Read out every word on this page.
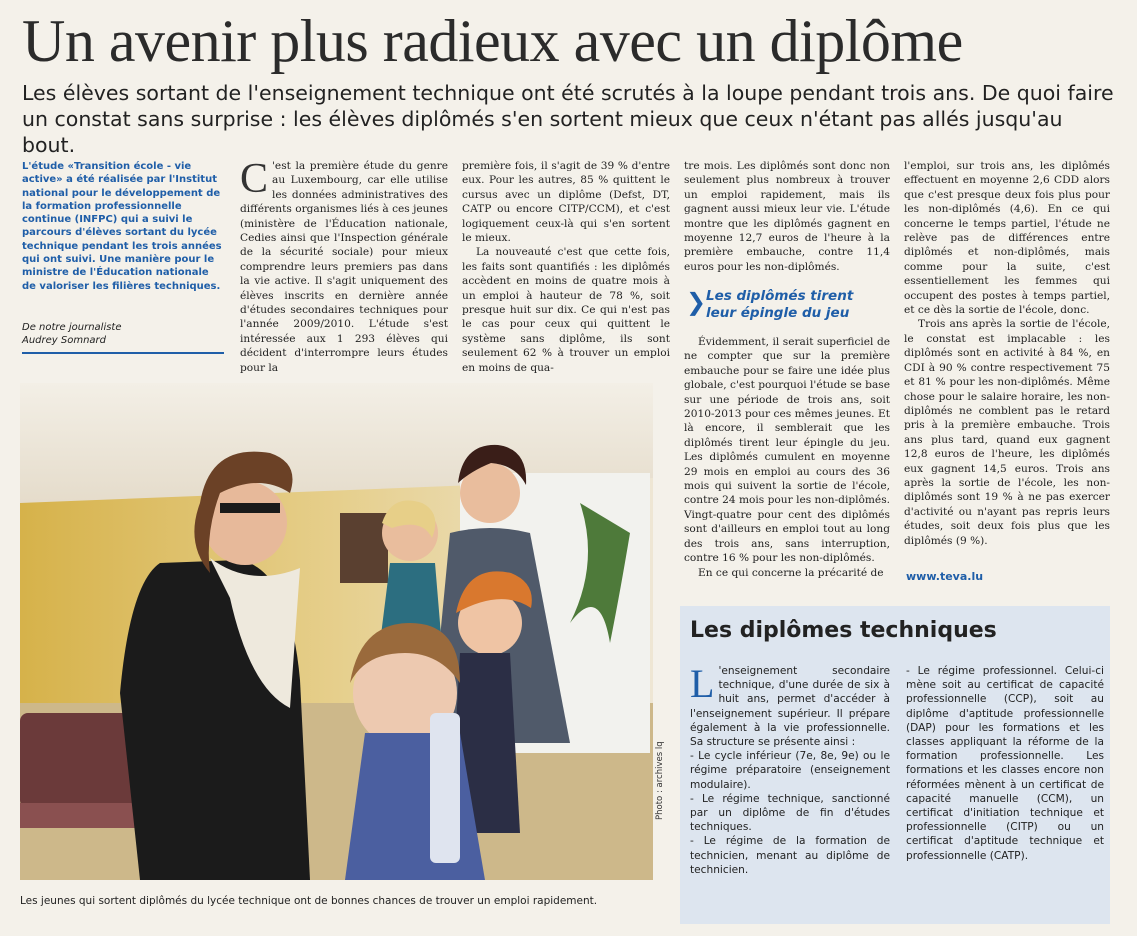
Un avenir plus radieux avec un diplôme
Les élèves sortant de l'enseignement technique ont été scrutés à la loupe pendant trois ans. De quoi faire un constat sans surprise : les élèves diplômés s'en sortent mieux que ceux n'étant pas allés jusqu'au bout.
L'étude «Transition école - vie active» a été réalisée par l'Institut national pour le développement de la formation professionnelle continue (INFPC) qui a suivi le parcours d'élèves sortant du lycée technique pendant les trois années qui ont suivi. Une manière pour le ministre de l'Éducation nationale de valoriser les filières techniques.
De notre journaliste
Audrey Somnard

C 'est la première étude du genre au Luxembourg, car elle utilise les données administratives des différents organismes liés à ces jeunes (ministère de l'Éducation nationale, Cedies ainsi que l'Inspection générale de la sécurité sociale) pour mieux comprendre leurs premiers pas dans la vie active. Il s'agit uniquement des élèves inscrits en dernière année d'études secondaires techniques pour l'année 2009/2010. L'étude s'est intéressée aux 1 293 élèves qui décident d'interrompre leurs études pour la

première fois, il s'agit de 39 % d'entre eux. Pour les autres, 85 % quittent le cursus avec un diplôme (Defst, DT, CATP ou encore CITP/CCM), et c'est logiquement ceux-là qui s'en sortent le mieux.

La nouveauté c'est que cette fois, les faits sont quantifiés : les diplômés accèdent en moins de quatre mois à un emploi à hauteur de 78 %, soit presque huit sur dix. Ce qui n'est pas le cas pour ceux qui quittent le système sans diplôme, ils sont seulement 62 % à trouver un emploi en moins de qua-

tre mois. Les diplômés sont donc non seulement plus nombreux à trouver un emploi rapidement, mais ils gagnent aussi mieux leur vie. L'étude montre que les diplômés gagnent en moyenne 12,7 euros de l'heure à la première embauche, contre 11,4 euros pour les non-diplômés.

❯ Les diplômés tirent
leur épingle du jeu

Évidemment, il serait superficiel de ne compter que sur la première embauche pour se faire une idée plus globale, c'est pourquoi l'étude se base sur une période de trois ans, soit 2010-2013 pour ces mêmes jeunes. Et là encore, il semblerait que les diplômés tirent leur épingle du jeu. Les diplômés cumulent en moyenne 29 mois en emploi au cours des 36 mois qui suivent la sortie de l'école, contre 24 mois pour les non-diplômés. Vingt-quatre pour cent des diplômés sont d'ailleurs en emploi tout au long des trois ans, sans interruption, contre 16 % pour les non-diplômés.

En ce qui concerne la précarité de

l'emploi, sur trois ans, les diplômés effectuent en moyenne 2,6 CDD alors que c'est presque deux fois plus pour les non-diplômés (4,6). En ce qui concerne le temps partiel, l'étude ne relève pas de différences entre diplômés et non-diplômés, mais comme pour la suite, c'est essentiellement les femmes qui occupent des postes à temps partiel, et ce dès la sortie de l'école, donc.

Trois ans après la sortie de l'école, le constat est implacable : les diplômés sont en activité à 84 %, en CDI à 90 % contre respectivement 75 et 81 % pour les non-diplômés. Même chose pour le salaire horaire, les non-diplômés ne comblent pas le retard pris à la première embauche. Trois ans plus tard, quand eux gagnent 12,8 euros de l'heure, les diplômés eux gagnent 14,5 euros. Trois ans après la sortie de l'école, les non-diplômés sont 19 % à ne pas exercer d'activité ou n'ayant pas repris leurs études, soit deux fois plus que les diplômés (9 %).

www.teva.lu
Photo : archives lq
Les jeunes qui sortent diplômés du lycée technique ont de bonnes chances de trouver un emploi rapidement.
Les diplômes techniques

L 'enseignement secondaire technique, d'une durée de six à huit ans, permet d'accéder à l'enseignement supérieur. Il prépare également à la vie professionnelle. Sa structure se présente ainsi :

- Le cycle inférieur (7e, 8e, 9e) ou le régime préparatoire (enseignement modulaire).

- Le régime technique, sanctionné par un diplôme de fin d'études techniques.

- Le régime de la formation de technicien, menant au diplôme de technicien.

- Le régime professionnel. Celui-ci mène soit au certificat de capacité professionnelle (CCP), soit au diplôme d'aptitude professionnelle (DAP) pour les formations et les classes appliquant la réforme de la formation professionnelle. Les formations et les classes encore non réformées mènent à un certificat de capacité manuelle (CCM), un certificat d'initiation technique et professionnelle (CITP) ou un certificat d'aptitude technique et professionnelle (CATP).
